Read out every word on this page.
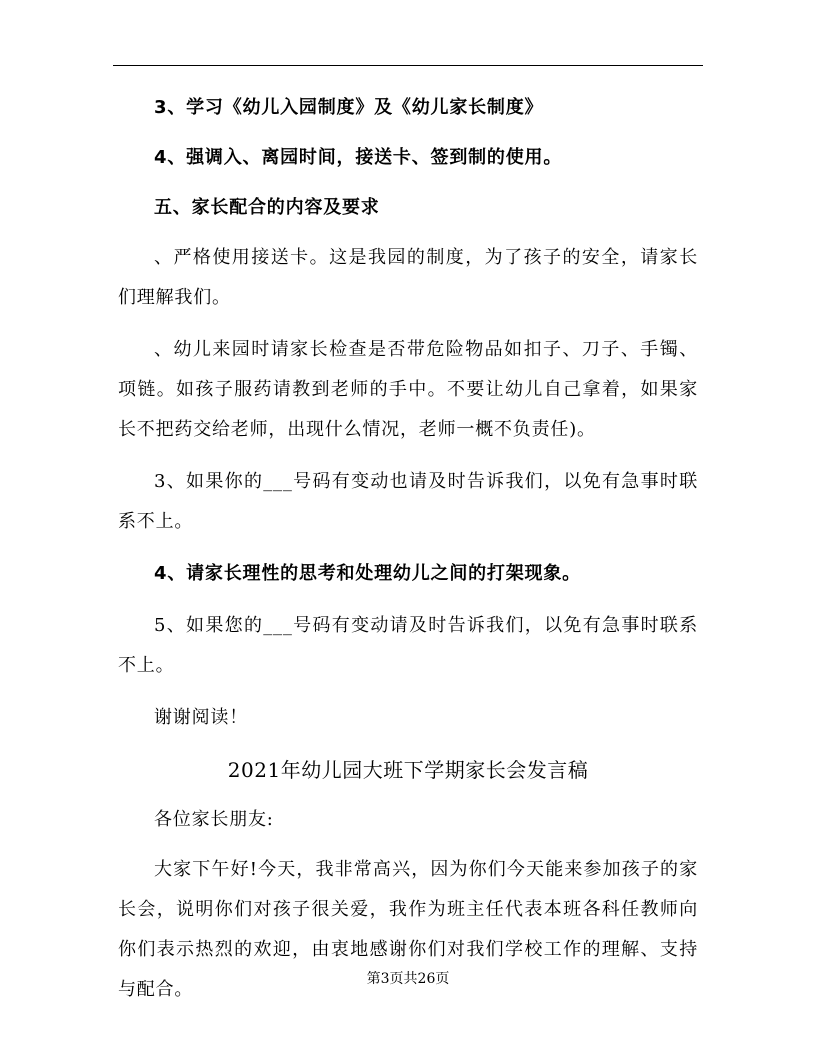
3、学习《幼儿入园制度》及《幼儿家长制度》

4、强调入、离园时间，接送卡、签到制的使用。

五、家长配合的内容及要求

、严格使用接送卡。这是我园的制度，为了孩子的安全，请家长们理解我们。

、幼儿来园时请家长检查是否带危险物品如扣子、刀子、手镯、项链。如孩子服药请教到老师的手中。不要让幼儿自己拿着，如果家长不把药交给老师，出现什么情况，老师一概不负责任)。

3、如果你的___号码有变动也请及时告诉我们，以免有急事时联系不上。

4、请家长理性的思考和处理幼儿之间的打架现象。

5、如果您的___号码有变动请及时告诉我们，以免有急事时联系不上。

谢谢阅读！

2021年幼儿园大班下学期家长会发言稿

各位家长朋友:

大家下午好!今天，我非常高兴，因为你们今天能来参加孩子的家长会，说明你们对孩子很关爱，我作为班主任代表本班各科任教师向你们表示热烈的欢迎，由衷地感谢你们对我们学校工作的理解、支持与配合。	第3页共26页
